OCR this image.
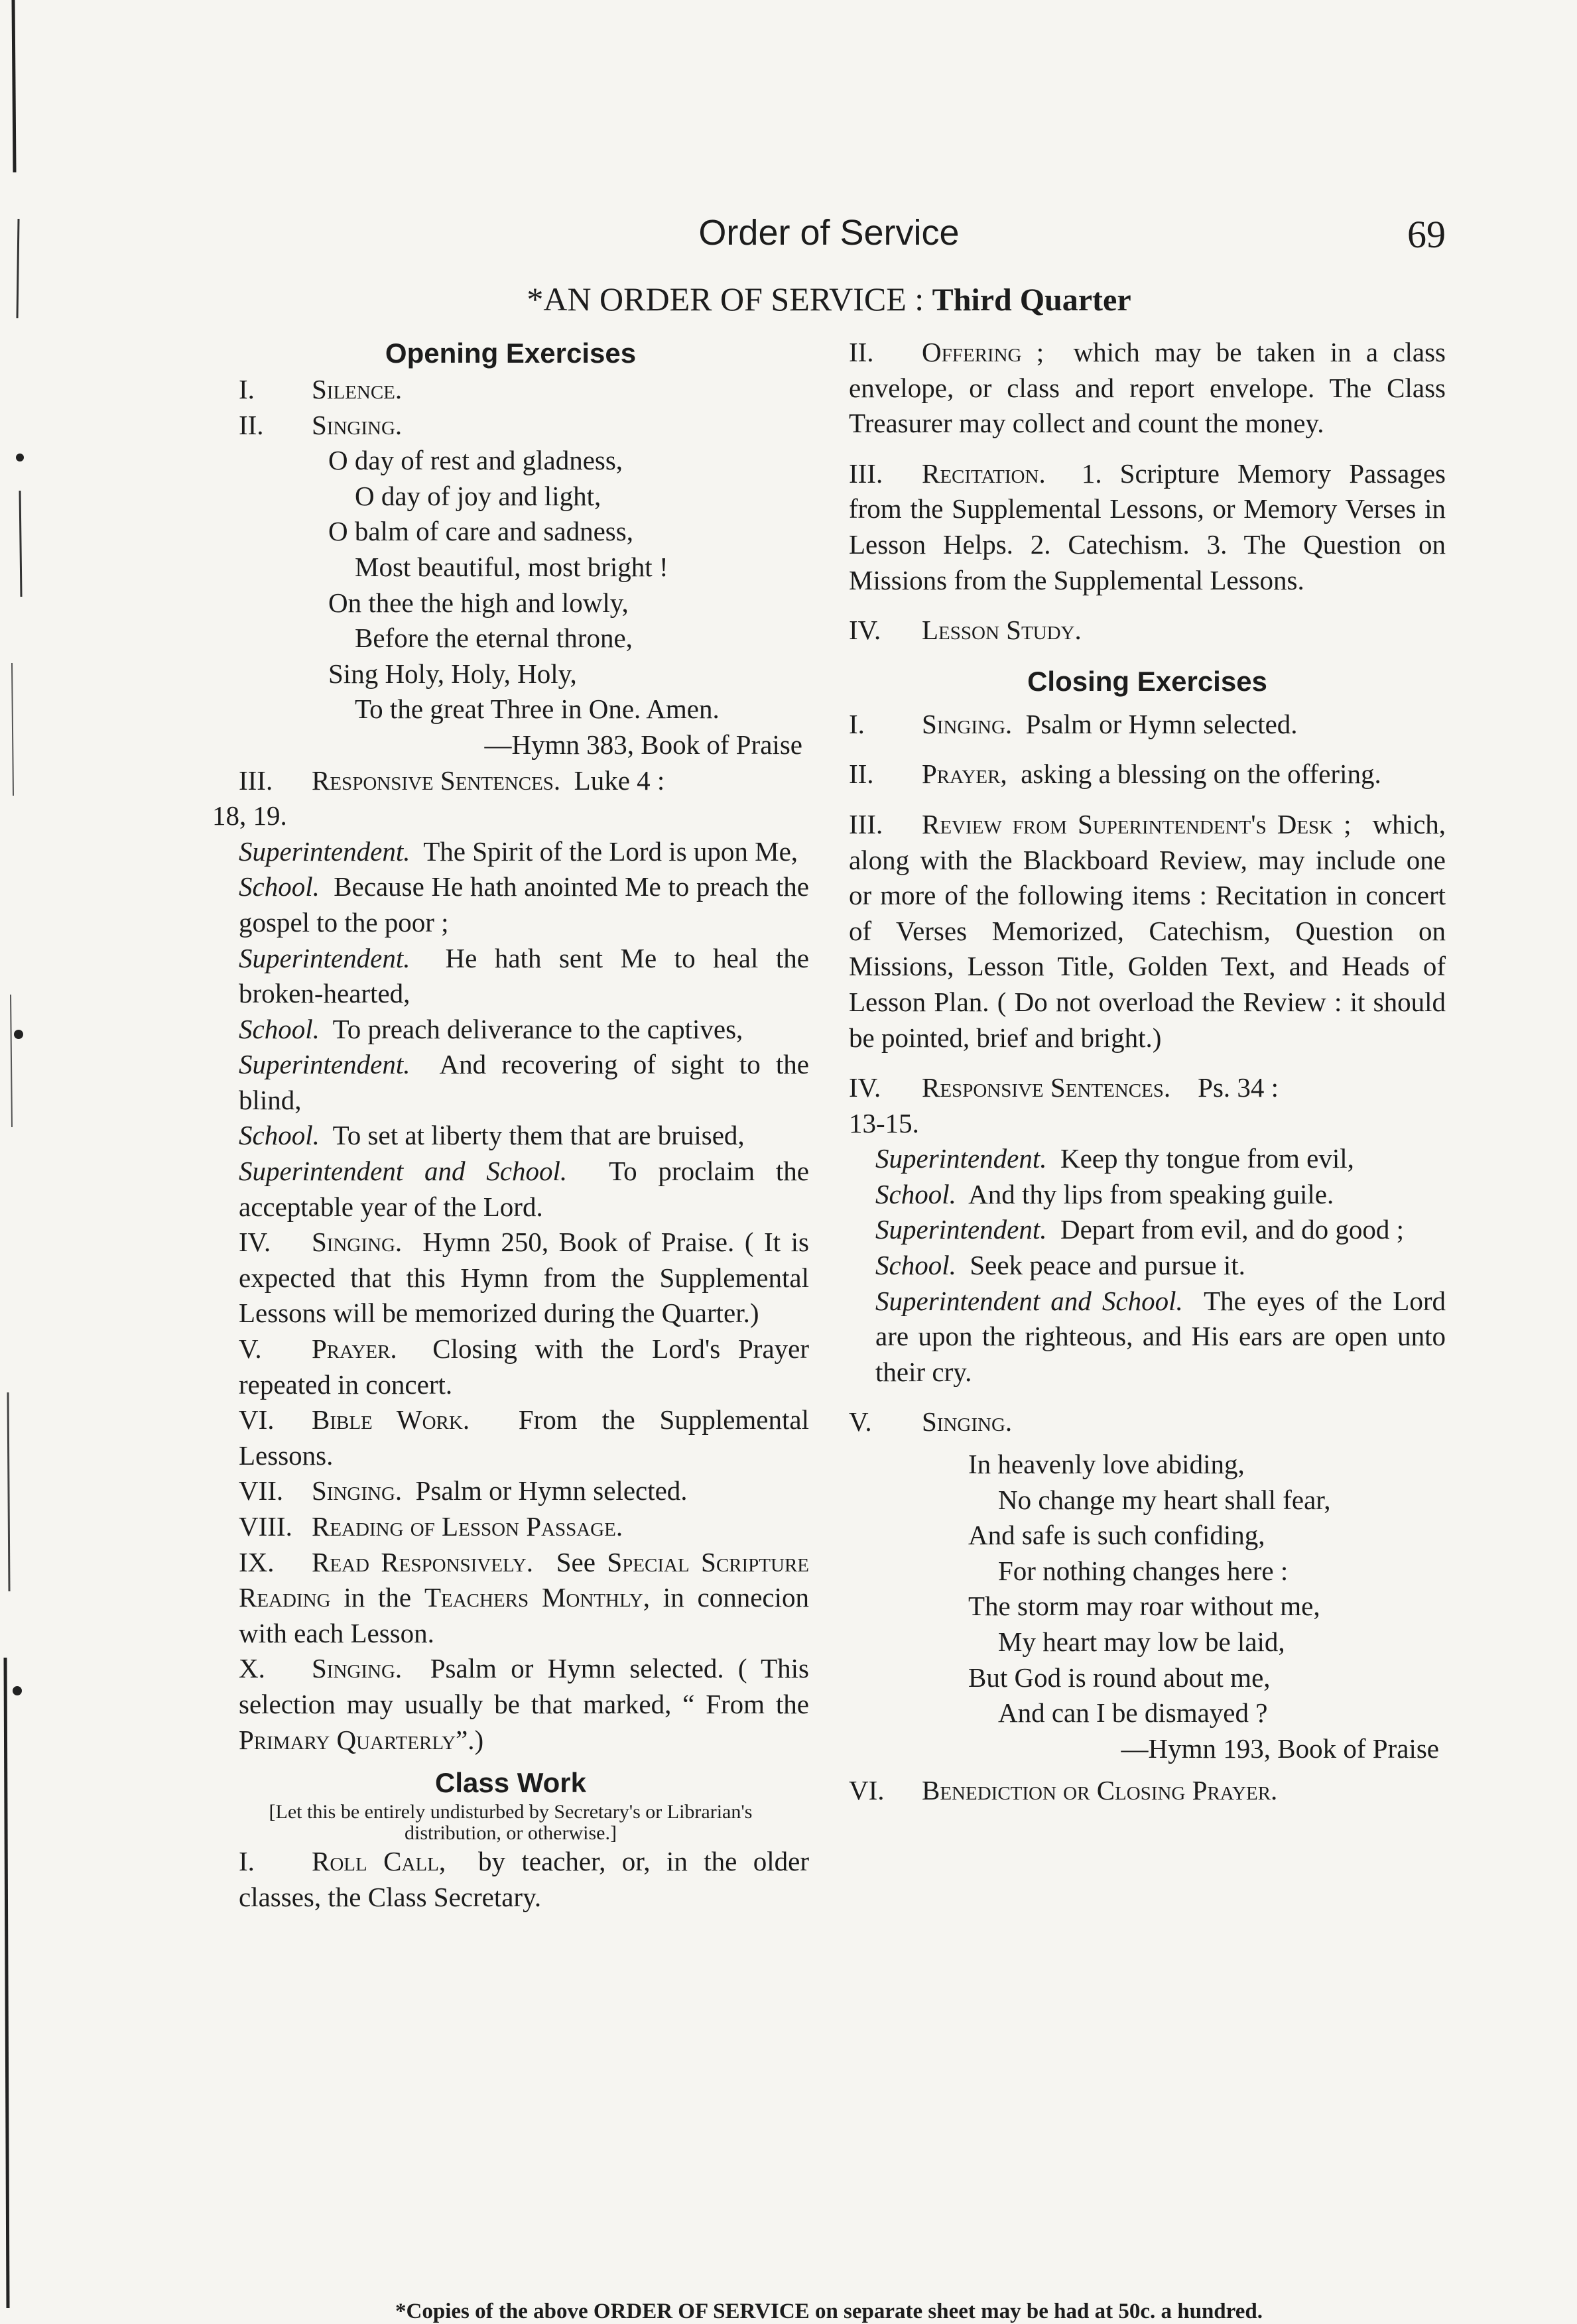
Order of Service	69
*AN ORDER OF SERVICE : Third Quarter

Opening Exercises

I. Silence.

II. Singing.

O day of rest and gladness,

O day of joy and light,

O balm of care and sadness,

Most beautiful, most bright !

On thee the high and lowly,

Before the eternal throne,

Sing Holy, Holy, Holy,

To the great Three in One. Amen.

—Hymn 383, Book of Praise

III. Responsive Sentences. Luke 4 :

18, 19.

Superintendent. The Spirit of the Lord is upon Me,

School. Because He hath anointed Me to preach the gospel to the poor ;

Superintendent. He hath sent Me to heal the broken-hearted,

School. To preach deliverance to the captives,

Superintendent. And recovering of sight to the blind,

School. To set at liberty them that are bruised,

Superintendent and School. To proclaim the acceptable year of the Lord.

IV. Singing. Hymn 250, Book of Praise. ( It is expected that this Hymn from the Supplemental Lessons will be memorized during the Quarter.)

V. Prayer. Closing with the Lord's Prayer repeated in concert.

VI. Bible Work. From the Supplemental Lessons.

VII. Singing. Psalm or Hymn selected.

VIII. Reading of Lesson Passage.

IX. Read Responsively. See Special Scripture Reading in the Teachers Monthly, in connecion with each Lesson.

X. Singing. Psalm or Hymn selected. ( This selection may usually be that marked, “ From the Primary Quarterly”.)

Class Work

[Let this be entirely undisturbed by Secretary's or Librarian's distribution, or otherwise.]

I. Roll Call, by teacher, or, in the older classes, the Class Secretary.

II. Offering ; which may be taken in a class envelope, or class and report envelope. The Class Treasurer may collect and count the money.

III. Recitation. 1. Scripture Memory Passages from the Supplemental Lessons, or Memory Verses in Lesson Helps. 2. Catechism. 3. The Question on Missions from the Supplemental Lessons.

IV. Lesson Study.

Closing Exercises

I. Singing. Psalm or Hymn selected.

II. Prayer, asking a blessing on the offering.

III. Review from Superintendent's Desk ; which, along with the Blackboard Review, may include one or more of the following items : Recitation in concert of Verses Memorized, Catechism, Question on Missions, Lesson Title, Golden Text, and Heads of Lesson Plan. ( Do not overload the Review : it should be pointed, brief and bright.)

IV. Responsive Sentences. Ps. 34 :

13-15.

Superintendent. Keep thy tongue from evil,

School. And thy lips from speaking guile.

Superintendent. Depart from evil, and do good ;

School. Seek peace and pursue it.

Superintendent and School. The eyes of the Lord are upon the righteous, and His ears are open unto their cry.

V. Singing.

In heavenly love abiding,

No change my heart shall fear,

And safe is such confiding,

For nothing changes here :

The storm may roar without me,

My heart may low be laid,

But God is round about me,

And can I be dismayed ?

—Hymn 193, Book of Praise

VI. Benediction or Closing Prayer.

*Copies of the above ORDER OF SERVICE on separate sheet may be had at 50c. a hundred.
